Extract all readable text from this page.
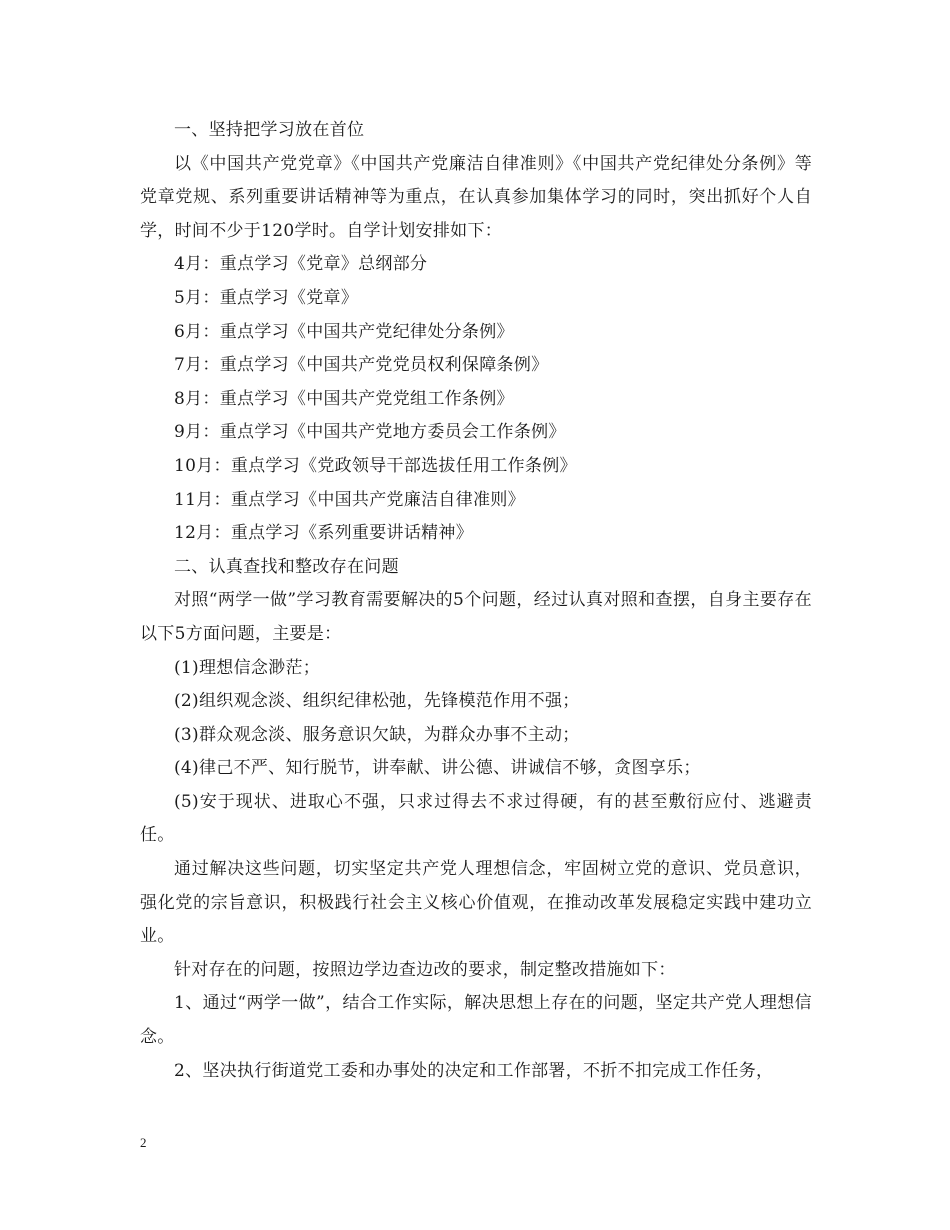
一、坚持把学习放在首位

以《中国共产党党章》《中国共产党廉洁自律准则》《中国共产党纪律处分条例》等党章党规、系列重要讲话精神等为重点，在认真参加集体学习的同时，突出抓好个人自学，时间不少于120学时。自学计划安排如下：

4月：重点学习《党章》总纲部分

5月：重点学习《党章》

6月：重点学习《中国共产党纪律处分条例》

7月：重点学习《中国共产党党员权利保障条例》

8月：重点学习《中国共产党党组工作条例》

9月：重点学习《中国共产党地方委员会工作条例》

10月：重点学习《党政领导干部选拔任用工作条例》

11月：重点学习《中国共产党廉洁自律准则》

12月：重点学习《系列重要讲话精神》

二、认真查找和整改存在问题

对照“两学一做”学习教育需要解决的5个问题，经过认真对照和查摆，自身主要存在以下5方面问题，主要是：

(1)理想信念渺茫；

(2)组织观念淡、组织纪律松弛，先锋模范作用不强；

(3)群众观念淡、服务意识欠缺，为群众办事不主动；

(4)律己不严、知行脱节，讲奉献、讲公德、讲诚信不够，贪图享乐；

(5)安于现状、进取心不强，只求过得去不求过得硬，有的甚至敷衍应付、逃避责任。

通过解决这些问题，切实坚定共产党人理想信念，牢固树立党的意识、党员意识，强化党的宗旨意识，积极践行社会主义核心价值观，在推动改革发展稳定实践中建功立业。

针对存在的问题，按照边学边查边改的要求，制定整改措施如下：

1、通过“两学一做”，结合工作实际，解决思想上存在的问题，坚定共产党人理想信念。

2、坚决执行街道党工委和办事处的决定和工作部署，不折不扣完成工作任务，

2
